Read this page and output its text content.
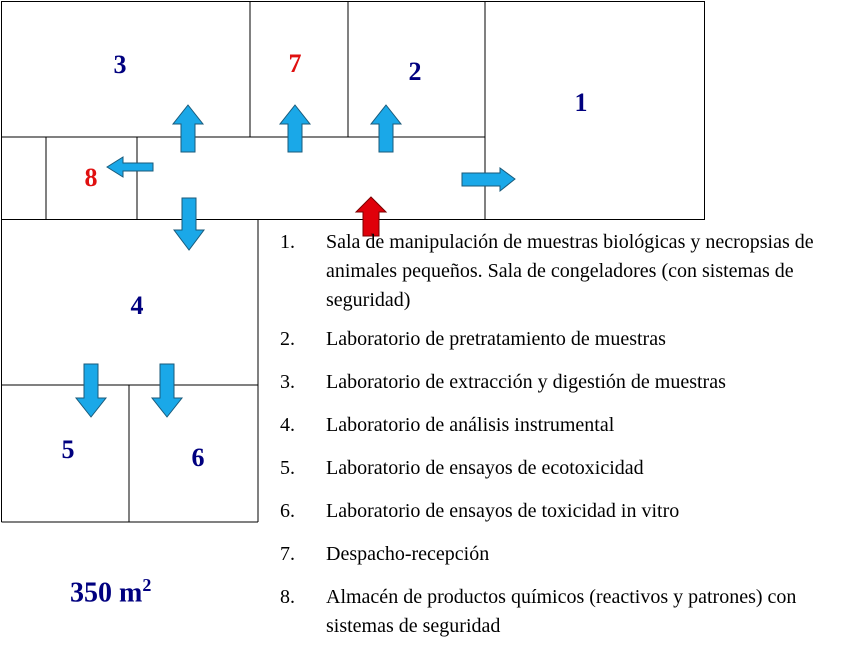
3	7	2
1
8
4
5	6
1.	Sala de manipulación de muestras biológicas y necropsias de animales pequeños. Sala de congeladores (con sistemas de seguridad)
2.	Laboratorio de pretratamiento de muestras
3.	Laboratorio de extracción y digestión de muestras
4.	Laboratorio de análisis instrumental
5.	Laboratorio de ensayos de ecotoxicidad
6.	Laboratorio de ensayos de toxicidad in vitro
7.	Despacho-recepción
8.	Almacén de productos químicos (reactivos y patrones) con sistemas de seguridad
350 $m^2$
